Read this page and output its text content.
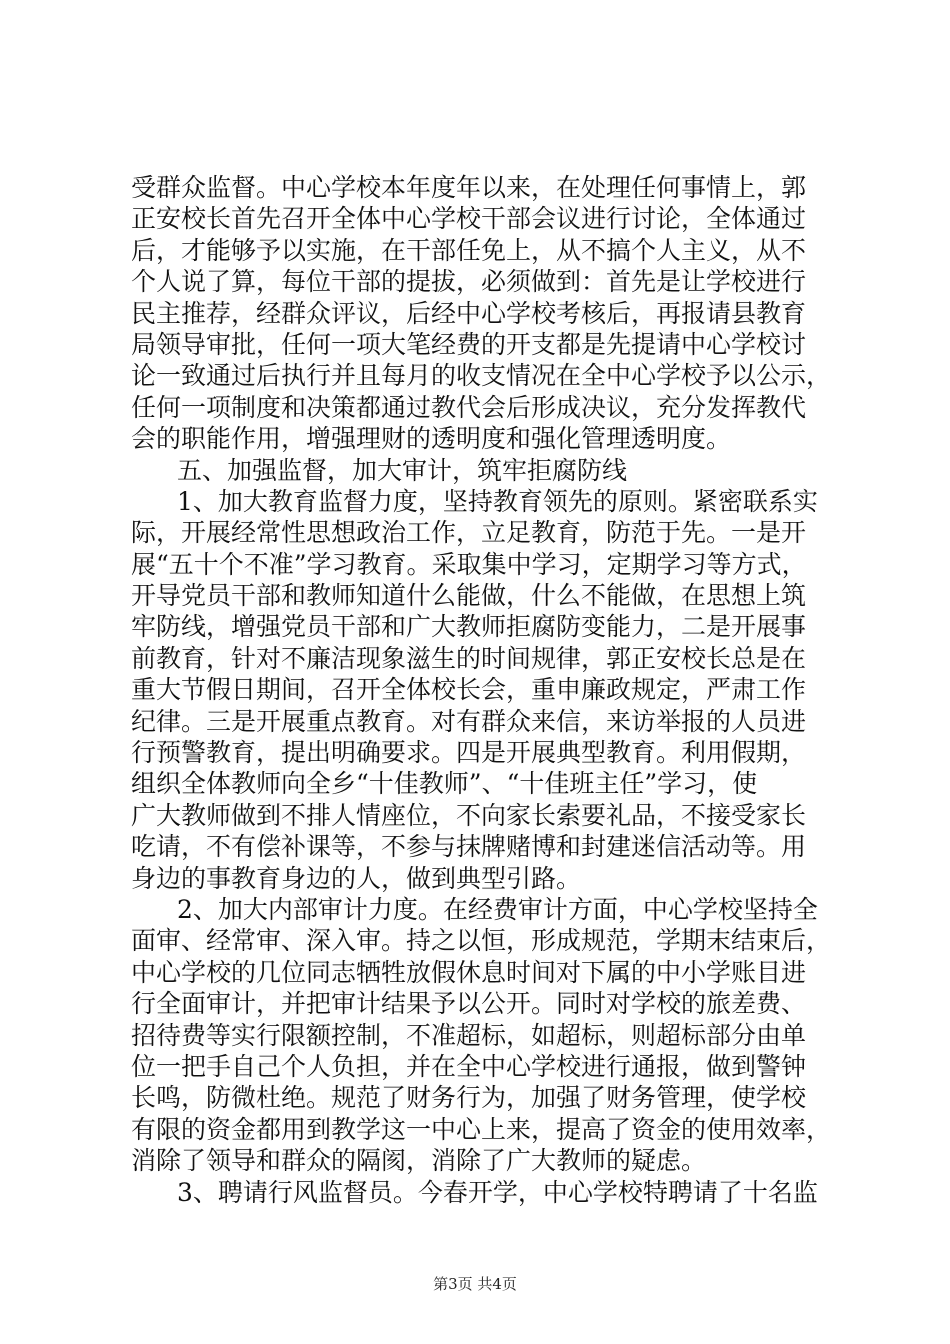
受群众监督。中心学校本年度年以来，在处理任何事情上，郭
正安校长首先召开全体中心学校干部会议进行讨论，全体通过
后，才能够予以实施，在干部任免上，从不搞个人主义，从不
个人说了算，每位干部的提拔，必须做到：首先是让学校进行
民主推荐，经群众评议，后经中心学校考核后，再报请县教育
局领导审批，任何一项大笔经费的开支都是先提请中心学校讨
论一致通过后执行并且每月的收支情况在全中心学校予以公示，
任何一项制度和决策都通过教代会后形成决议，充分发挥教代
会的职能作用，增强理财的透明度和强化管理透明度。
五、加强监督，加大审计，筑牢拒腐防线
1、加大教育监督力度，坚持教育领先的原则。紧密联系实
际，开展经常性思想政治工作，立足教育，防范于先。一是开
展“五十个不准”学习教育。采取集中学习，定期学习等方式，
开导党员干部和教师知道什么能做，什么不能做，在思想上筑
牢防线，增强党员干部和广大教师拒腐防变能力，二是开展事
前教育，针对不廉洁现象滋生的时间规律，郭正安校长总是在
重大节假日期间，召开全体校长会，重申廉政规定，严肃工作
纪律。三是开展重点教育。对有群众来信，来访举报的人员进
行预警教育，提出明确要求。四是开展典型教育。利用假期，
组织全体教师向全乡“十佳教师”、“十佳班主任”学习，使
广大教师做到不排人情座位，不向家长索要礼品，不接受家长
吃请，不有偿补课等，不参与抹牌赌博和封建迷信活动等。用
身边的事教育身边的人，做到典型引路。
2、加大内部审计力度。在经费审计方面，中心学校坚持全
面审、经常审、深入审。持之以恒，形成规范，学期末结束后，
中心学校的几位同志牺牲放假休息时间对下属的中小学账目进
行全面审计，并把审计结果予以公开。同时对学校的旅差费、
招待费等实行限额控制，不准超标，如超标，则超标部分由单
位一把手自己个人负担，并在全中心学校进行通报，做到警钟
长鸣，防微杜绝。规范了财务行为，加强了财务管理，使学校
有限的资金都用到教学这一中心上来，提高了资金的使用效率，
消除了领导和群众的隔阂，消除了广大教师的疑虑。
3、聘请行风监督员。今春开学，中心学校特聘请了十名监
第3页 共4页
